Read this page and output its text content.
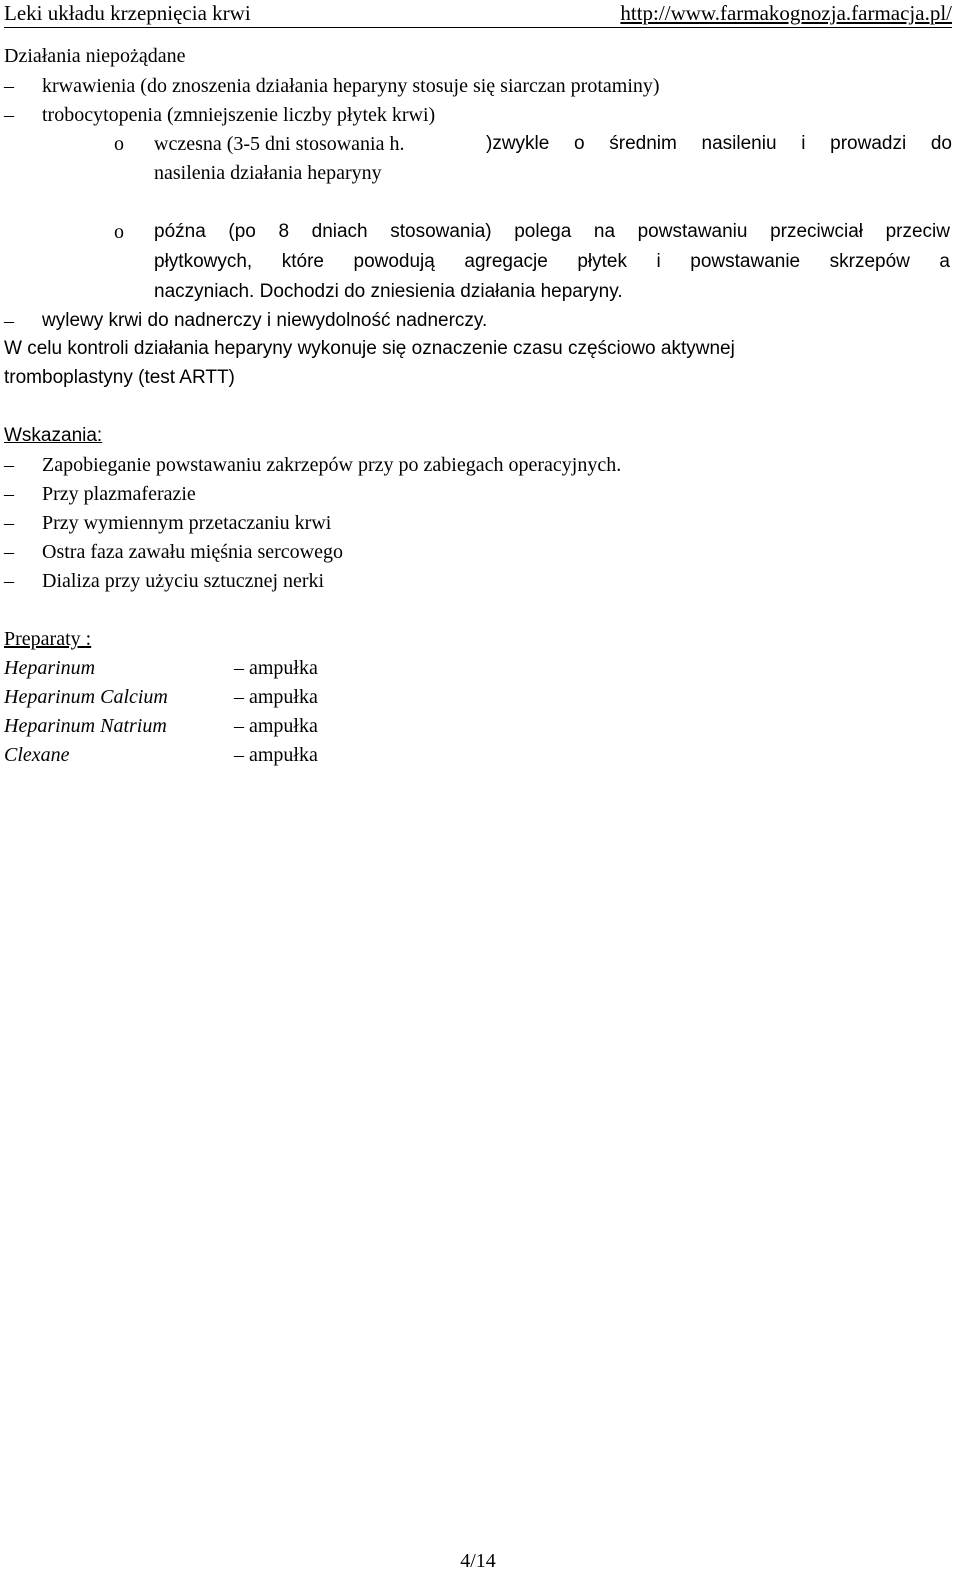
Leki układu krzepnięcia krwi	http://www.farmakognozja.farmacja.pl/
Działania niepożądane
– krwawienia (do znoszenia działania heparyny stosuje się siarczan protaminy)
– trobocytopenia (zmniejszenie liczby płytek krwi)
o wczesna (3-5 dni stosowania h.	)zwykle o średnim nasileniu i prowadzi do
nasilenia działania heparyny
o późna (po 8 dniach stosowania) polega na powstawaniu przeciwciał przeciw
płytkowych, które powodują agregacje płytek i powstawanie skrzepów a
naczyniach. Dochodzi do zniesienia działania heparyny.
– wylewy krwi do nadnerczy i niewydolność nadnerczy.
W celu kontroli działania heparyny wykonuje się oznaczenie czasu częściowo aktywnej
tromboplastyny (test ARTT)
Wskazania:
– Zapobieganie powstawaniu zakrzepów przy po zabiegach operacyjnych.
– Przy plazmaferazie
– Przy wymiennym przetaczaniu krwi
– Ostra faza zawału mięśnia sercowego
– Dializa przy użyciu sztucznej nerki
Preparaty :
Heparinum	– ampułka
Heparinum Calcium	– ampułka
Heparinum Natrium	– ampułka
Clexane	– ampułka
4/14
